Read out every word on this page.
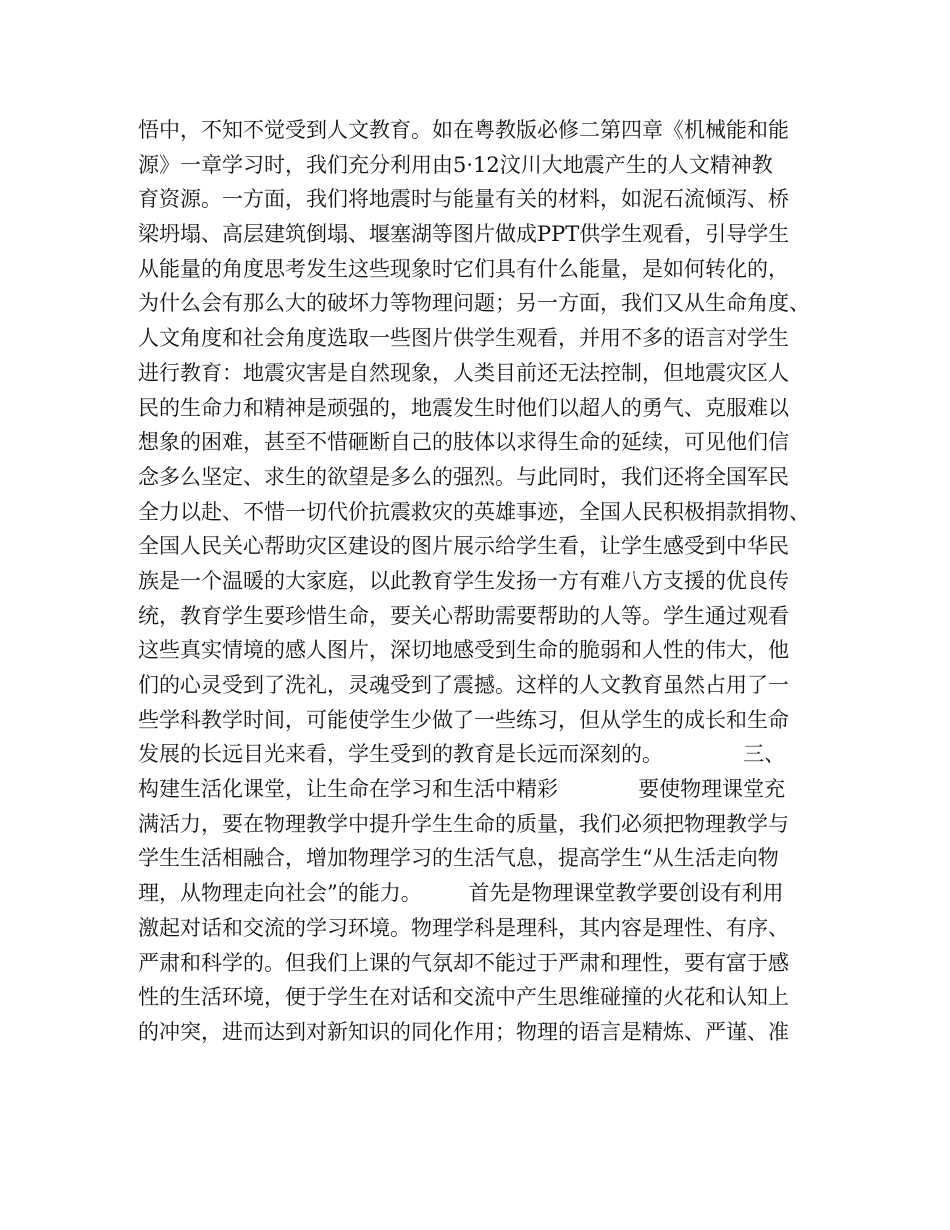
悟中，不知不觉受到人文教育。如在粤教版必修二第四章《机械能和能
源》一章学习时，我们充分利用由5·12汶川大地震产生的人文精神教
育资源。一方面，我们将地震时与能量有关的材料，如泥石流倾泻、桥
梁坍塌、高层建筑倒塌、堰塞湖等图片做成PPT供学生观看，引导学生
从能量的角度思考发生这些现象时它们具有什么能量，是如何转化的，
为什么会有那么大的破坏力等物理问题；另一方面，我们又从生命角度、
人文角度和社会角度选取一些图片供学生观看，并用不多的语言对学生
进行教育：地震灾害是自然现象，人类目前还无法控制，但地震灾区人
民的生命力和精神是顽强的，地震发生时他们以超人的勇气、克服难以
想象的困难，甚至不惜砸断自己的肢体以求得生命的延续，可见他们信
念多么坚定、求生的欲望是多么的强烈。与此同时，我们还将全国军民
全力以赴、不惜一切代价抗震救灾的英雄事迹，全国人民积极捐款捐物、
全国人民关心帮助灾区建设的图片展示给学生看，让学生感受到中华民
族是一个温暖的大家庭，以此教育学生发扬一方有难八方支援的优良传
统，教育学生要珍惜生命，要关心帮助需要帮助的人等。学生通过观看
这些真实情境的感人图片，深切地感受到生命的脆弱和人性的伟大，他
们的心灵受到了洗礼，灵魂受到了震撼。这样的人文教育虽然占用了一
些学科教学时间，可能使学生少做了一些练习，但从学生的成长和生命
发展的长远目光来看，学生受到的教育是长远而深刻的。            三、
构建生活化课堂，让生命在学习和生活中精彩            要使物理课堂充
满活力，要在物理教学中提升学生生命的质量，我们必须把物理教学与
学生生活相融合，增加物理学习的生活气息，提高学生“从生活走向物
理，从物理走向社会”的能力。       首先是物理课堂教学要创设有利用
激起对话和交流的学习环境。物理学科是理科，其内容是理性、有序、
严肃和科学的。但我们上课的气氛却不能过于严肃和理性，要有富于感
性的生活环境，便于学生在对话和交流中产生思维碰撞的火花和认知上
的冲突，进而达到对新知识的同化作用；物理的语言是精炼、严谨、准
